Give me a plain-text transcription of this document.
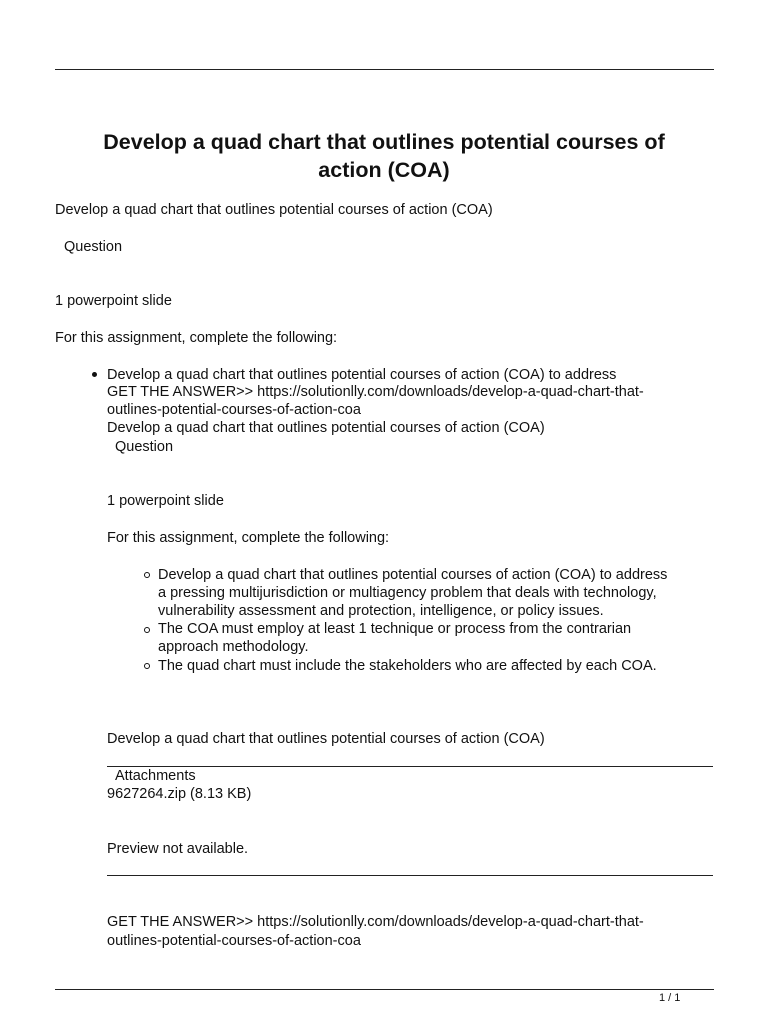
Develop a quad chart that outlines potential courses of
action (COA)
Develop a quad chart that outlines potential courses of action (COA)
Question
1 powerpoint slide
For this assignment, complete the following:
Develop a quad chart that outlines potential courses of action (COA) to address
GET THE ANSWER>> https://solutionlly.com/downloads/develop-a-quad-chart-that-
outlines-potential-courses-of-action-coa
Develop a quad chart that outlines potential courses of action (COA)
Question
1 powerpoint slide
For this assignment, complete the following:
Develop a quad chart that outlines potential courses of action (COA) to address
a pressing multijurisdiction or multiagency problem that deals with technology,
vulnerability assessment and protection, intelligence, or policy issues.
The COA must employ at least 1 technique or process from the contrarian
approach methodology.
The quad chart must include the stakeholders who are affected by each COA.
Develop a quad chart that outlines potential courses of action (COA)
Attachments
9627264.zip (8.13 KB)
Preview not available.
GET THE ANSWER>> https://solutionlly.com/downloads/develop-a-quad-chart-that-
outlines-potential-courses-of-action-coa
1 / 1
